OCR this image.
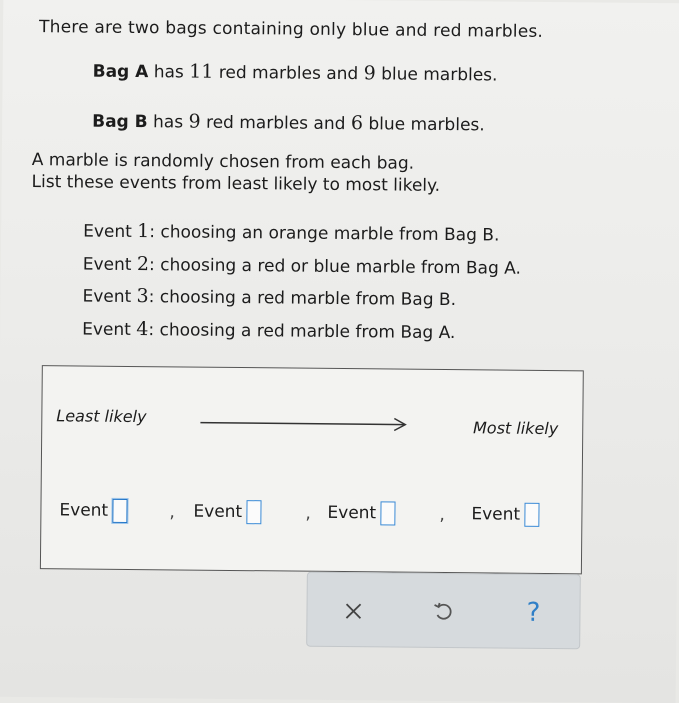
There are two bags containing only blue and red marbles.
Bag A has 11 red marbles and 9 blue marbles.
Bag B has 9 red marbles and 6 blue marbles.
A marble is randomly chosen from each bag.
List these events from least likely to most likely.
Event 1: choosing an orange marble from Bag B.
Event 2: choosing a red or blue marble from Bag A.
Event 3: choosing a red marble from Bag B.
Event 4: choosing a red marble from Bag A.
Least likely
Most likely
Event	, Event	, Event	, Event
?
